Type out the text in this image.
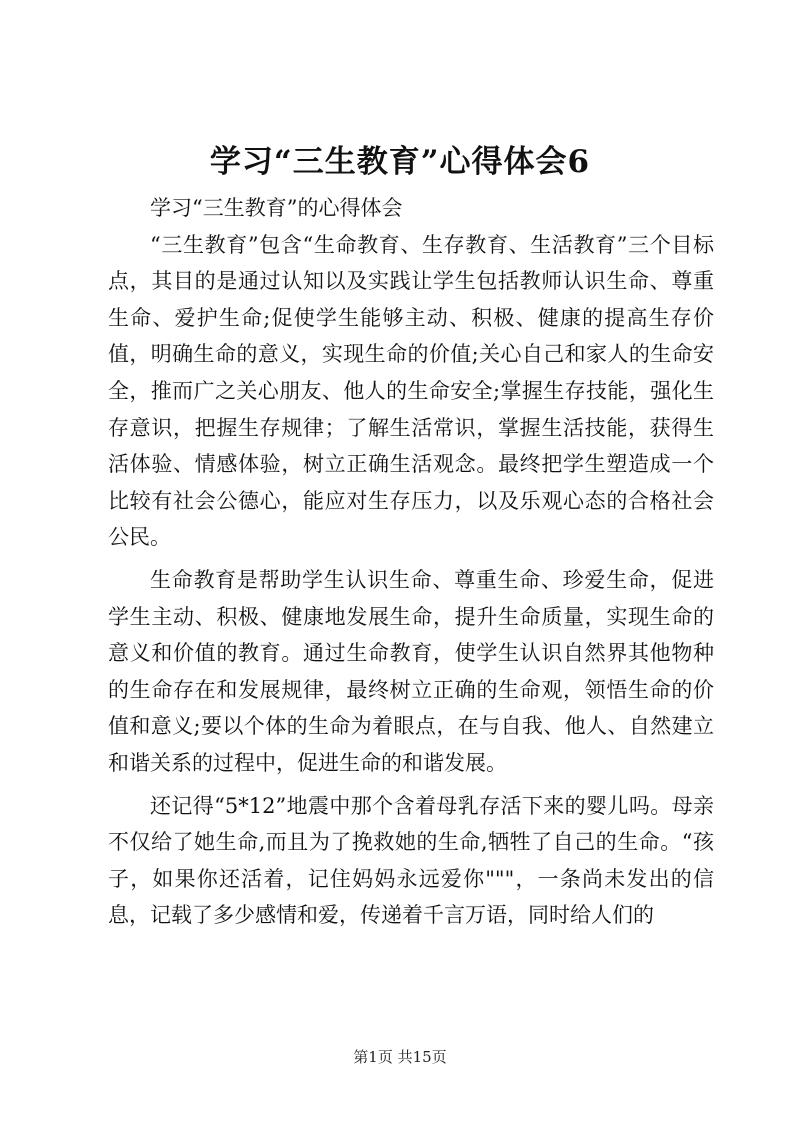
学习“三生教育”心得体会6

学习“三生教育”的心得体会

“三生教育”包含“生命教育、生存教育、生活教育”三个目标点，其目的是通过认知以及实践让学生包括教师认识生命、尊重生命、爱护生命;促使学生能够主动、积极、健康的提高生存价值，明确生命的意义，实现生命的价值;关心自己和家人的生命安全，推而广之关心朋友、他人的生命安全;掌握生存技能，强化生存意识，把握生存规律；了解生活常识，掌握生活技能，获得生活体验、情感体验，树立正确生活观念。最终把学生塑造成一个比较有社会公德心，能应对生存压力，以及乐观心态的合格社会公民。

生命教育是帮助学生认识生命、尊重生命、珍爱生命，促进学生主动、积极、健康地发展生命，提升生命质量，实现生命的意义和价值的教育。通过生命教育，使学生认识自然界其他物种的生命存在和发展规律，最终树立正确的生命观，领悟生命的价值和意义;要以个体的生命为着眼点，在与自我、他人、自然建立和谐关系的过程中，促进生命的和谐发展。

还记得“5*12”地震中那个含着母乳存活下来的婴儿吗。母亲不仅给了她生命,而且为了挽救她的生命,牺牲了自己的生命。“孩子，如果你还活着，记住妈妈永远爱你"""，一条尚未发出的信息，记载了多少感情和爱，传递着千言万语，同时给人们的

第1页 共15页
